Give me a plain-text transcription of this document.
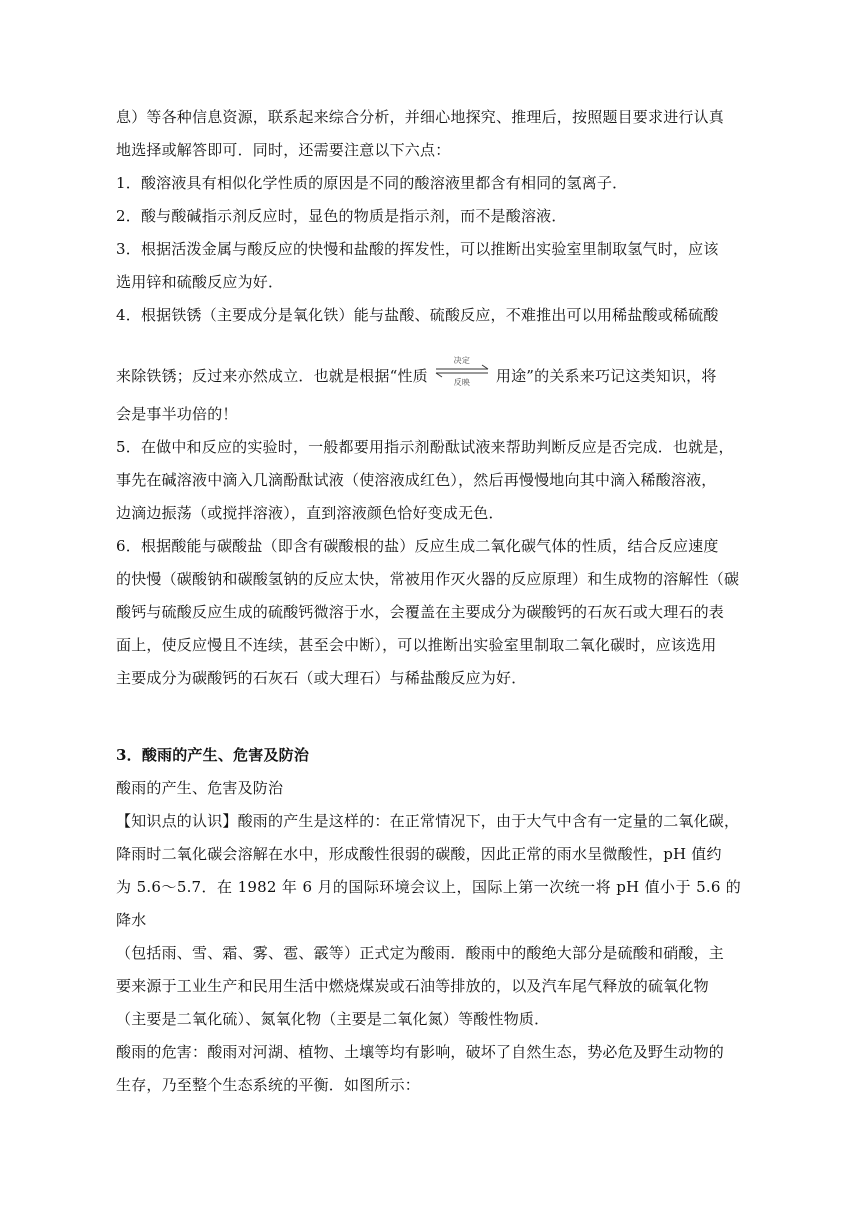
息）等各种信息资源，联系起来综合分析，并细心地探究、推理后，按照题目要求进行认真

地选择或解答即可．同时，还需要注意以下六点：

1．酸溶液具有相似化学性质的原因是不同的酸溶液里都含有相同的氢离子．

2．酸与酸碱指示剂反应时，显色的物质是指示剂，而不是酸溶液．

3．根据活泼金属与酸反应的快慢和盐酸的挥发性，可以推断出实验室里制取氢气时，应该

选用锌和硫酸反应为好．

4．根据铁锈（主要成分是氧化铁）能与盐酸、硫酸反应，不难推出可以用稀盐酸或稀硫酸

来除铁锈；反过来亦然成立．也就是根据“性质
决定
反映	用途”的关系来巧记这类知识，将

会是事半功倍的！

5．在做中和反应的实验时，一般都要用指示剂酚酞试液来帮助判断反应是否完成．也就是，

事先在碱溶液中滴入几滴酚酞试液（使溶液成红色），然后再慢慢地向其中滴入稀酸溶液，

边滴边振荡（或搅拌溶液），直到溶液颜色恰好变成无色．

6．根据酸能与碳酸盐（即含有碳酸根的盐）反应生成二氧化碳气体的性质，结合反应速度

的快慢（碳酸钠和碳酸氢钠的反应太快，常被用作灭火器的反应原理）和生成物的溶解性（碳

酸钙与硫酸反应生成的硫酸钙微溶于水，会覆盖在主要成分为碳酸钙的石灰石或大理石的表

面上，使反应慢且不连续，甚至会中断），可以推断出实验室里制取二氧化碳时，应该选用

主要成分为碳酸钙的石灰石（或大理石）与稀盐酸反应为好．

3．酸雨的产生、危害及防治

酸雨的产生、危害及防治

【知识点的认识】酸雨的产生是这样的：在正常情况下，由于大气中含有一定量的二氧化碳，

降雨时二氧化碳会溶解在水中，形成酸性很弱的碳酸，因此正常的雨水呈微酸性，pH 值约

为 5.6～5.7．在 1982 年 6 月的国际环境会议上，国际上第一次统一将 pH 值小于 5.6 的降水

（包括雨、雪、霜、雾、雹、霰等）正式定为酸雨．酸雨中的酸绝大部分是硫酸和硝酸，主

要来源于工业生产和民用生活中燃烧煤炭或石油等排放的，以及汽车尾气释放的硫氧化物

（主要是二氧化硫）、氮氧化物（主要是二氧化氮）等酸性物质．

酸雨的危害：酸雨对河湖、植物、土壤等均有影响，破坏了自然生态，势必危及野生动物的

生存，乃至整个生态系统的平衡．如图所示：
